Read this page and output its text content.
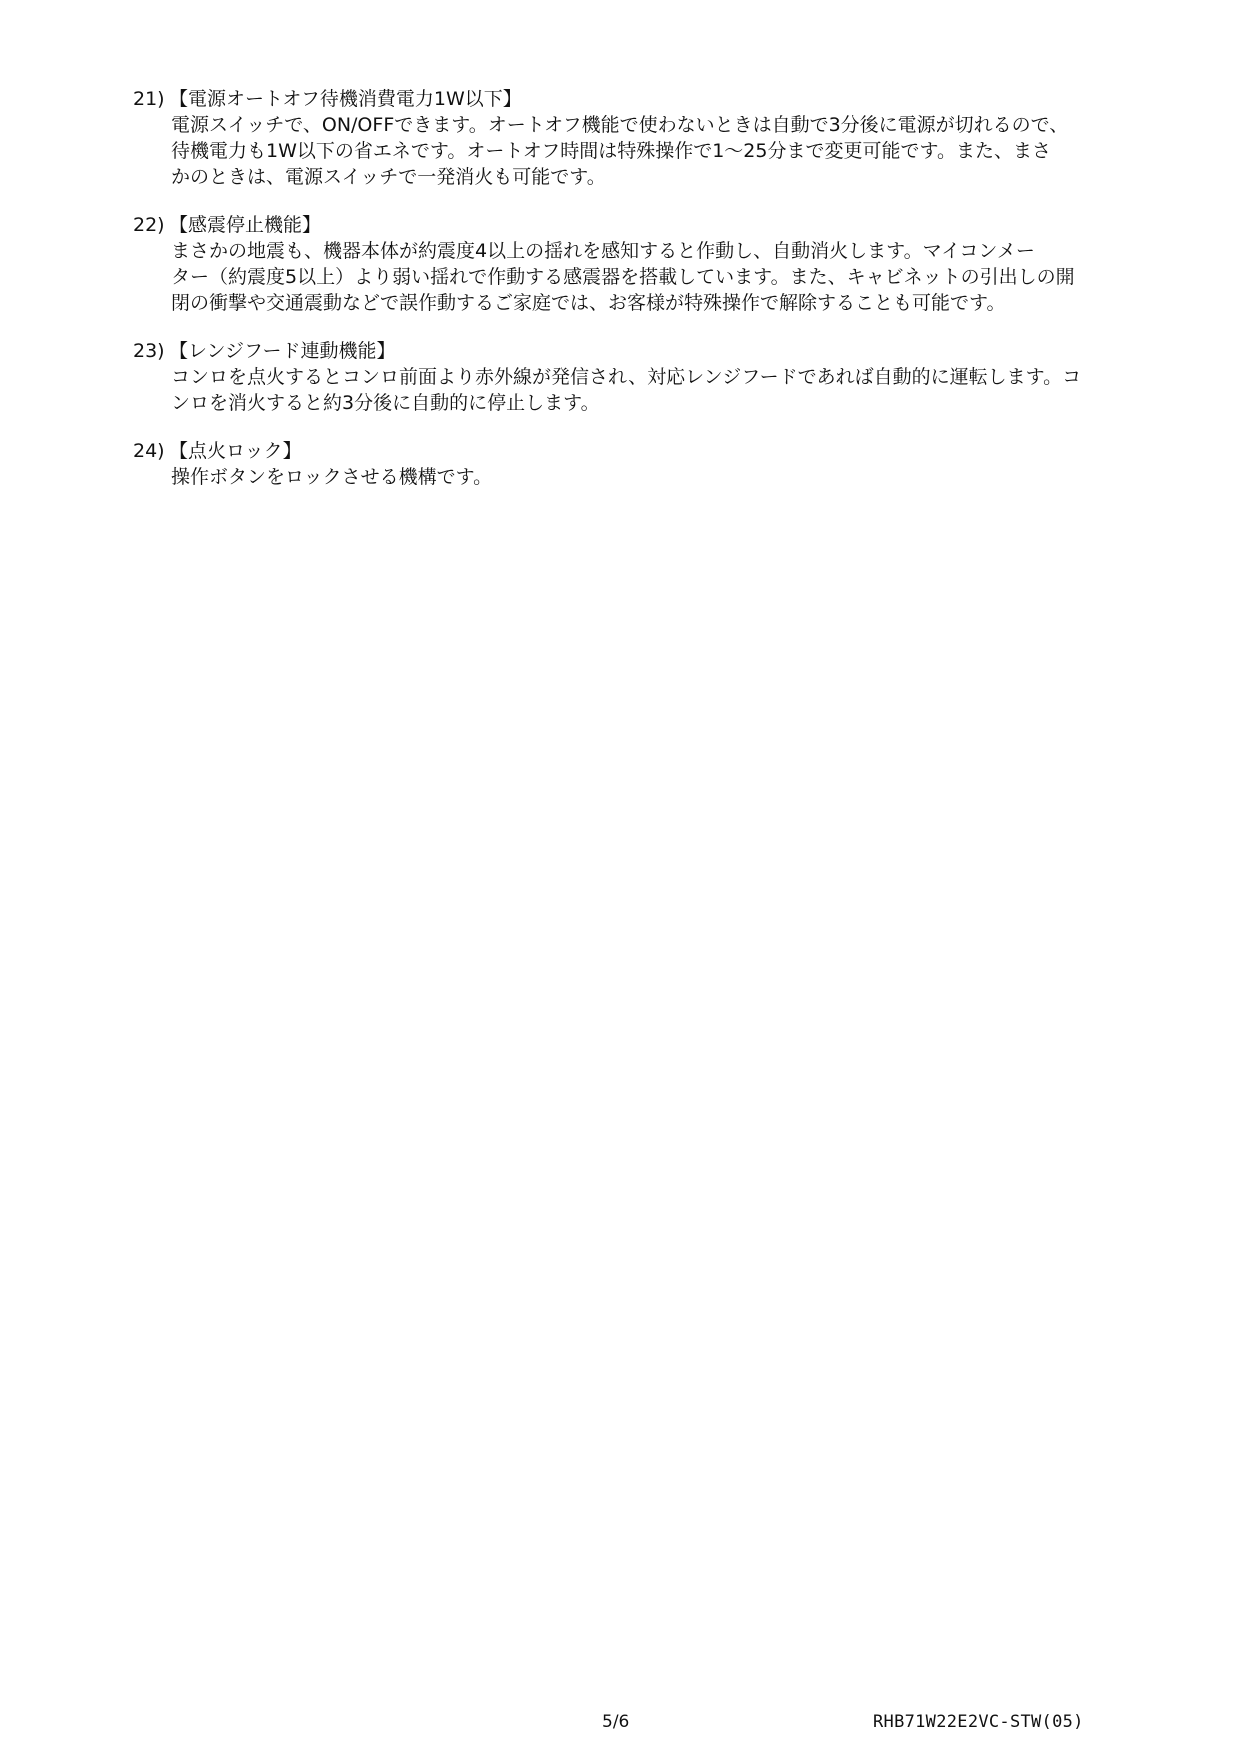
21) 【電源オートオフ待機消費電力1W以下】
電源スイッチで、ON/OFFできます。オートオフ機能で使わないときは自動で3分後に電源が切れるので、
待機電力も1W以下の省エネです。オートオフ時間は特殊操作で1～25分まで変更可能です。また、まさ
かのときは、電源スイッチで一発消火も可能です。
22) 【感震停止機能】
まさかの地震も、機器本体が約震度4以上の揺れを感知すると作動し、自動消火します。マイコンメー
ター（約震度5以上）より弱い揺れで作動する感震器を搭載しています。また、キャビネットの引出しの開
閉の衝撃や交通震動などで誤作動するご家庭では、お客様が特殊操作で解除することも可能です。
23) 【レンジフード連動機能】
コンロを点火するとコンロ前面より赤外線が発信され、対応レンジフードであれば自動的に運転します。コ
ンロを消火すると約3分後に自動的に停止します。
24) 【点火ロック】
操作ボタンをロックさせる機構です。
5/6	RHB71W22E2VC-STW(05)
